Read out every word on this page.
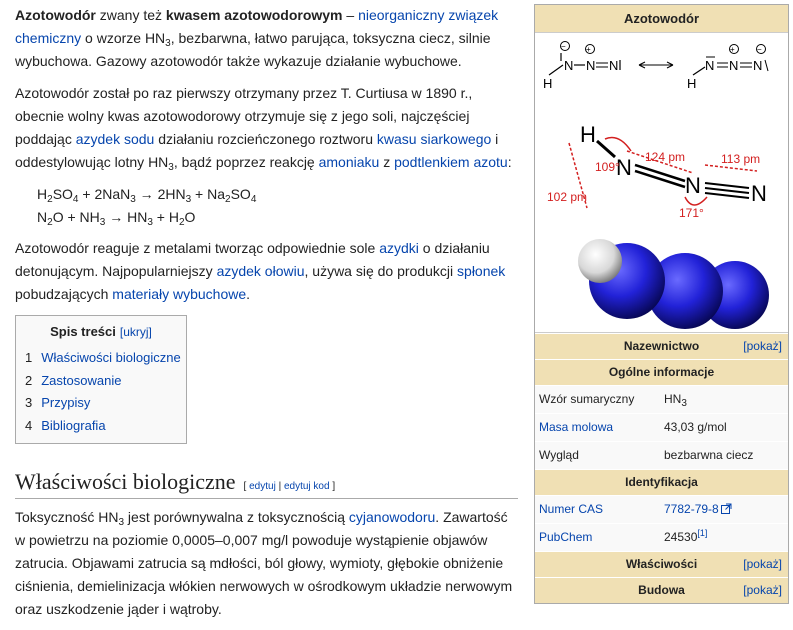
Azotowodór zwany też kwasem azotowodorowym – nieorganiczny związek chemiczny o wzorze $HN_3$, bezbarwna, łatwo parująca, toksyczna ciecz, silnie wybuchowa. Gazowy azotowodór także wykazuje działanie wybuchowe.

Azotowodór został po raz pierwszy otrzymany przez T. Curtiusa w 1890 r., obecnie wolny kwas azotowodorowy otrzymuje się z jego soli, najczęściej poddając azydek sodu działaniu rozcieńczonego roztworu kwasu siarkowego i oddestylowując lotny $HN_3$, bądź poprzez reakcję amoniaku z podtlenkiem azotu:

$H_2SO_4 + 2NaN_3 \to 2HN_3 + Na_2SO_4$
$N_2O + NH_3 \to HN_3 + H_2O$

Azotowodór reaguje z metalami tworząc odpowiednie sole azydki o działaniu detonującym. Najpopularniejszy azydek ołowiu, używa się do produkcji spłonek pobudzających materiały wybuchowe.

Spis treści [ukryj]
1 Właściwości biologiczne
2 Zastosowanie
3 Przypisy
4 Bibliografia
Właściwości biologiczne [ edytuj | edytuj kod ]

Toksyczność $HN_3$ jest porównywalna z toksycznością cyjanowodoru. Zawartość w powietrzu na poziomie 0,0005–0,007 mg/l powoduje wystąpienie objawów zatrucia. Objawami zatrucia są mdłości, ból głowy, wymioty, głębokie obniżenie ciśnienia, demielinizacja włókien nerwowych w ośrodkowym układzie nerwowym oraz uszkodzenie jąder i wątroby.

Azotowodór
H
N
−
N
+
N
H
N N
+
N
−
H
N
N N
109°
124 pm	113 pm
102 pm
171°
Nazewnictwo	[pokaż]
Ogólne informacje
Wzór sumaryczny	$HN_3$
Masa molowa	43,03 g/mol
Wygląd	bezbarwna ciecz
Identyfikacja
Numer CAS	7782-79-8
PubChem	24530[1]
Właściwości	[pokaż]
Budowa	[pokaż]
